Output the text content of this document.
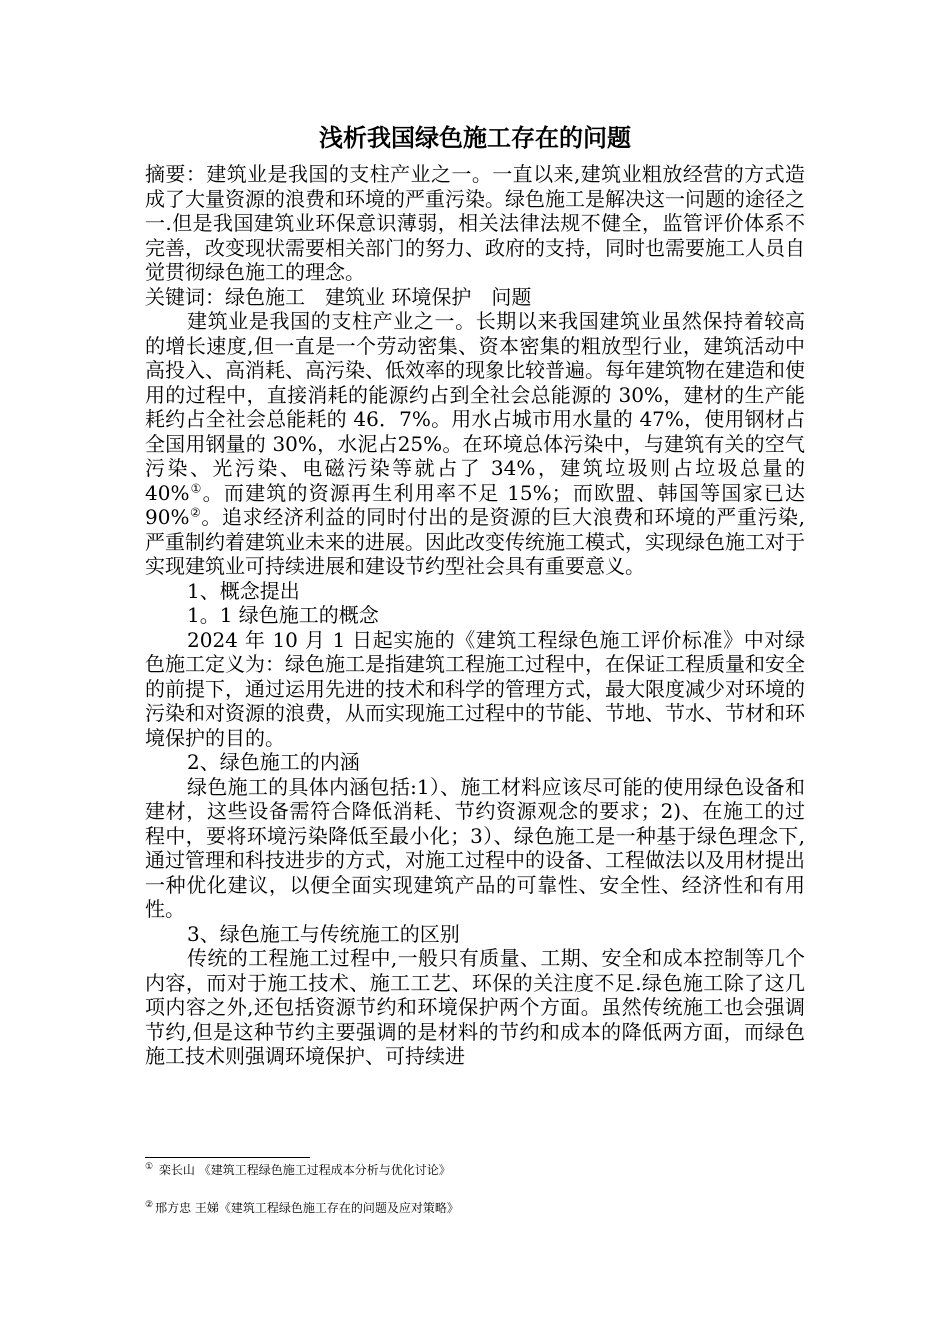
浅析我国绿色施工存在的问题

摘要：建筑业是我国的支柱产业之一。一直以来,建筑业粗放经营的方式造成了大量资源的浪费和环境的严重污染。绿色施工是解决这一问题的途径之一.但是我国建筑业环保意识薄弱，相关法律法规不健全，监管评价体系不完善，改变现状需要相关部门的努力、政府的支持，同时也需要施工人员自觉贯彻绿色施工的理念。

关键词：绿色施工　建筑业 环境保护　问题

建筑业是我国的支柱产业之一。长期以来我国建筑业虽然保持着较高的增长速度,但一直是一个劳动密集、资本密集的粗放型行业，建筑活动中高投入、高消耗、高污染、低效率的现象比较普遍。每年建筑物在建造和使用的过程中，直接消耗的能源约占到全社会总能源的 30%，建材的生产能耗约占全社会总能耗的 46．7%。用水占城市用水量的 47%，使用钢材占全国用钢量的 30%，水泥占25%。在环境总体污染中，与建筑有关的空气污染、光污染、电磁污染等就占了 34%，建筑垃圾则占垃圾总量的 40%①。而建筑的资源再生利用率不足 15%；而欧盟、韩国等国家已达 90%②。追求经济利益的同时付出的是资源的巨大浪费和环境的严重污染,严重制约着建筑业未来的进展。因此改变传统施工模式，实现绿色施工对于实现建筑业可持续进展和建设节约型社会具有重要意义。

1、概念提出

1。1 绿色施工的概念

2024 年 10 月 1 日起实施的《建筑工程绿色施工评价标准》中对绿色施工定义为：绿色施工是指建筑工程施工过程中，在保证工程质量和安全的前提下，通过运用先进的技术和科学的管理方式，最大限度减少对环境的污染和对资源的浪费，从而实现施工过程中的节能、节地、节水、节材和环境保护的目的。

2、绿色施工的内涵

绿色施工的具体内涵包括:1）、施工材料应该尽可能的使用绿色设备和建材，这些设备需符合降低消耗、节约资源观念的要求；2)、在施工的过程中，要将环境污染降低至最小化；3）、绿色施工是一种基于绿色理念下,通过管理和科技进步的方式，对施工过程中的设备、工程做法以及用材提出一种优化建议，以便全面实现建筑产品的可靠性、安全性、经济性和有用性。

3、绿色施工与传统施工的区别

传统的工程施工过程中,一般只有质量、工期、安全和成本控制等几个内容，而对于施工技术、施工工艺、环保的关注度不足.绿色施工除了这几项内容之外,还包括资源节约和环境保护两个方面。虽然传统施工也会强调节约,但是这种节约主要强调的是材料的节约和成本的降低两方面，而绿色施工技术则强调环境保护、可持续进

① 栾长山 《建筑工程绿色施工过程成本分析与优化讨论》
② 邢方忠 王娣《建筑工程绿色施工存在的问题及应对策略》
